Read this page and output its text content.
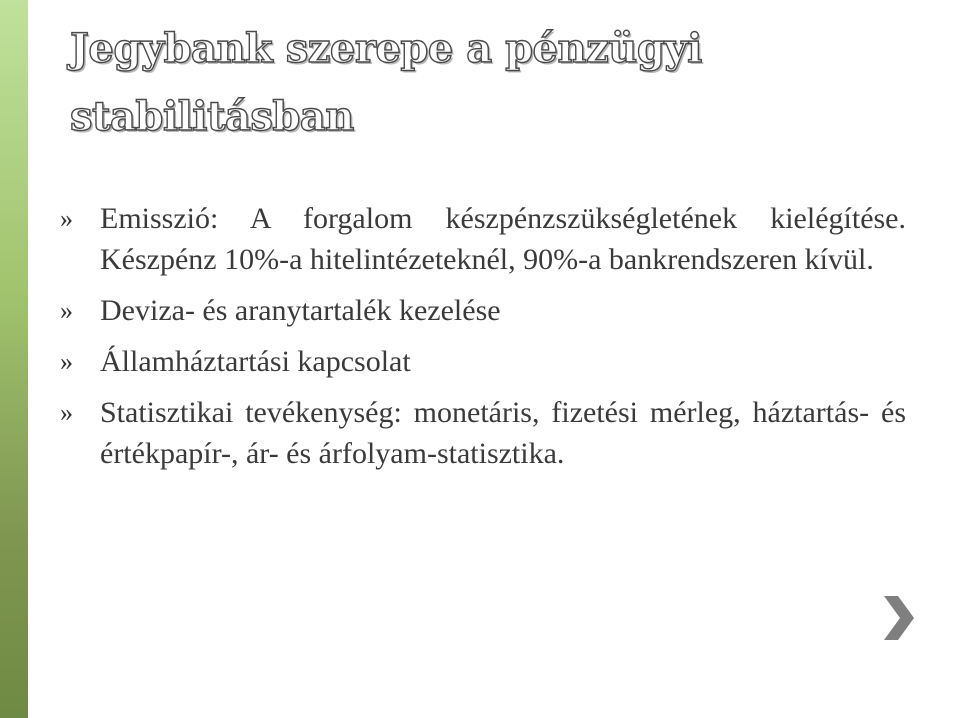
Jegybank szerepe a pénzügyi stabilitásban
» Emisszió: A forgalom készpénzszükségletének kielégítése. Készpénz 10%-a hitelintézeteknél, 90%-a bankrendszeren kívül.
» Deviza- és aranytartalék kezelése
» Államháztartási kapcsolat
» Statisztikai tevékenység: monetáris, fizetési mérleg, háztartás- és értékpapír-, ár- és árfolyam-statisztika.
